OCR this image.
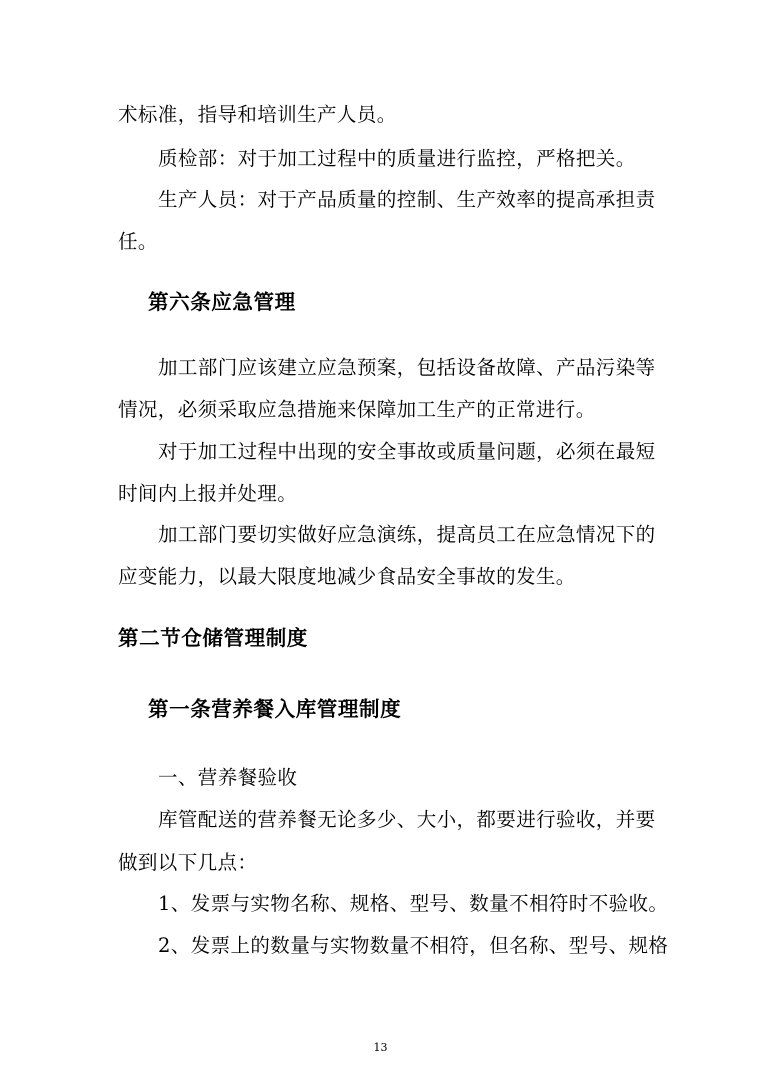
术标准，指导和培训生产人员。
质检部：对于加工过程中的质量进行监控，严格把关。
生产人员：对于产品质量的控制、生产效率的提高承担责
任。
第六条应急管理
加工部门应该建立应急预案，包括设备故障、产品污染等
情况，必须采取应急措施来保障加工生产的正常进行。
对于加工过程中出现的安全事故或质量问题，必须在最短
时间内上报并处理。
加工部门要切实做好应急演练，提高员工在应急情况下的
应变能力，以最大限度地减少食品安全事故的发生。
第二节仓储管理制度
第一条营养餐入库管理制度
一、营养餐验收
库管配送的营养餐无论多少、大小，都要进行验收，并要
做到以下几点：
1、发票与实物名称、规格、型号、数量不相符时不验收。
2、发票上的数量与实物数量不相符，但名称、型号、规格
13
